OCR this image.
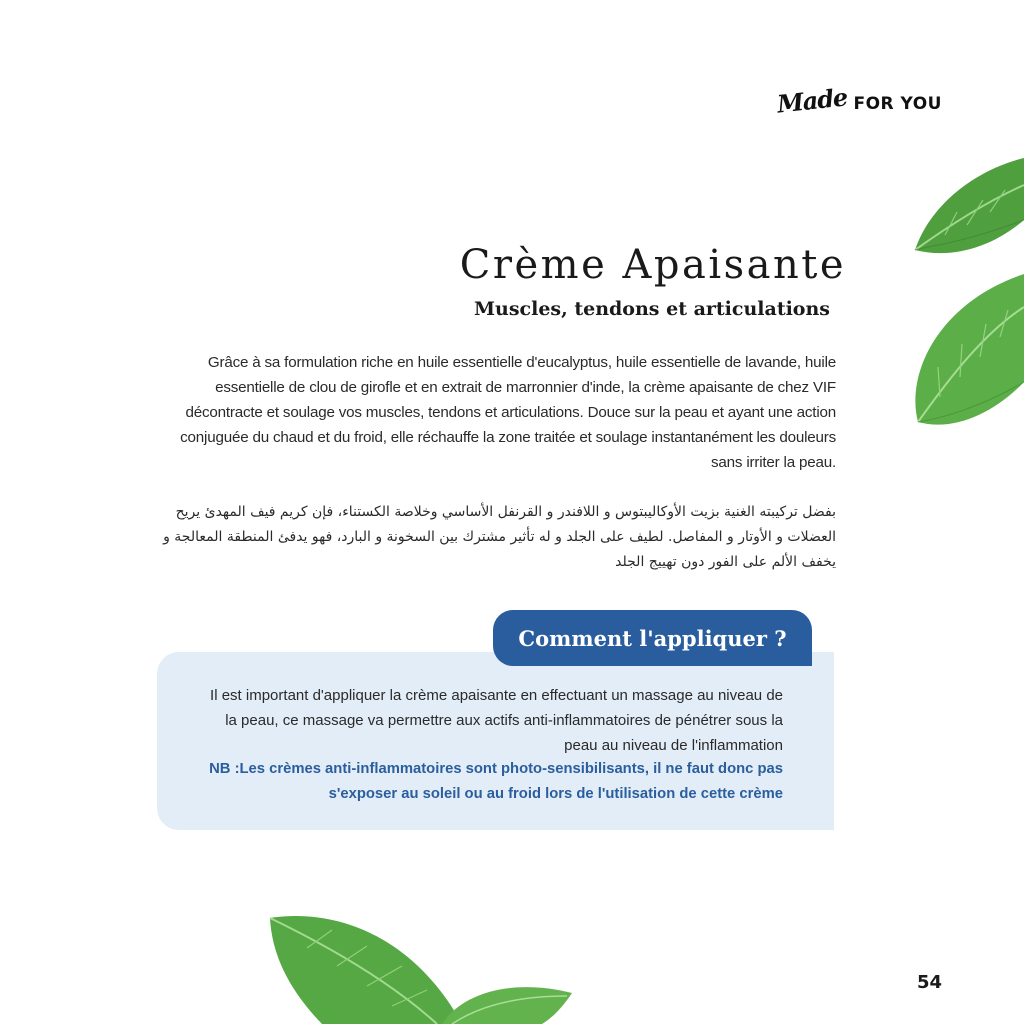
Made FOR YOU
Crème Apaisante
Muscles, tendons et articulations

Grâce à sa formulation riche en huile essentielle d'eucalyptus, huile essentielle de lavande, huile essentielle de clou de girofle et en extrait de marronnier d'inde, la crème apaisante de chez VIF décontracte et soulage vos muscles, tendons et articulations. Douce sur la peau et ayant une action conjuguée du chaud et du froid, elle réchauffe la zone traitée et soulage instantanément les douleurs sans irriter la peau.

بفضل تركيبته الغنية بزيت الأوكاليبتوس و اللافندر و القرنفل الأساسي وخلاصة الكستناء، فإن كريم فيف المهدئ يريح العضلات و الأوتار و المفاصل. لطيف على الجلد و له تأثير مشترك بين السخونة و البارد، فهو يدفئ المنطقة المعالجة و يخفف الألم على الفور دون تهييج الجلد

Comment l'appliquer ?

Il est important d'appliquer la crème apaisante en effectuant un massage au niveau de la peau, ce massage va permettre aux actifs anti-inflammatoires de pénétrer sous la peau au niveau de l'inflammation

NB :Les crèmes anti-inflammatoires sont photo-sensibilisants, il ne faut donc pas s'exposer au soleil ou au froid lors de l'utilisation de cette crème

54
